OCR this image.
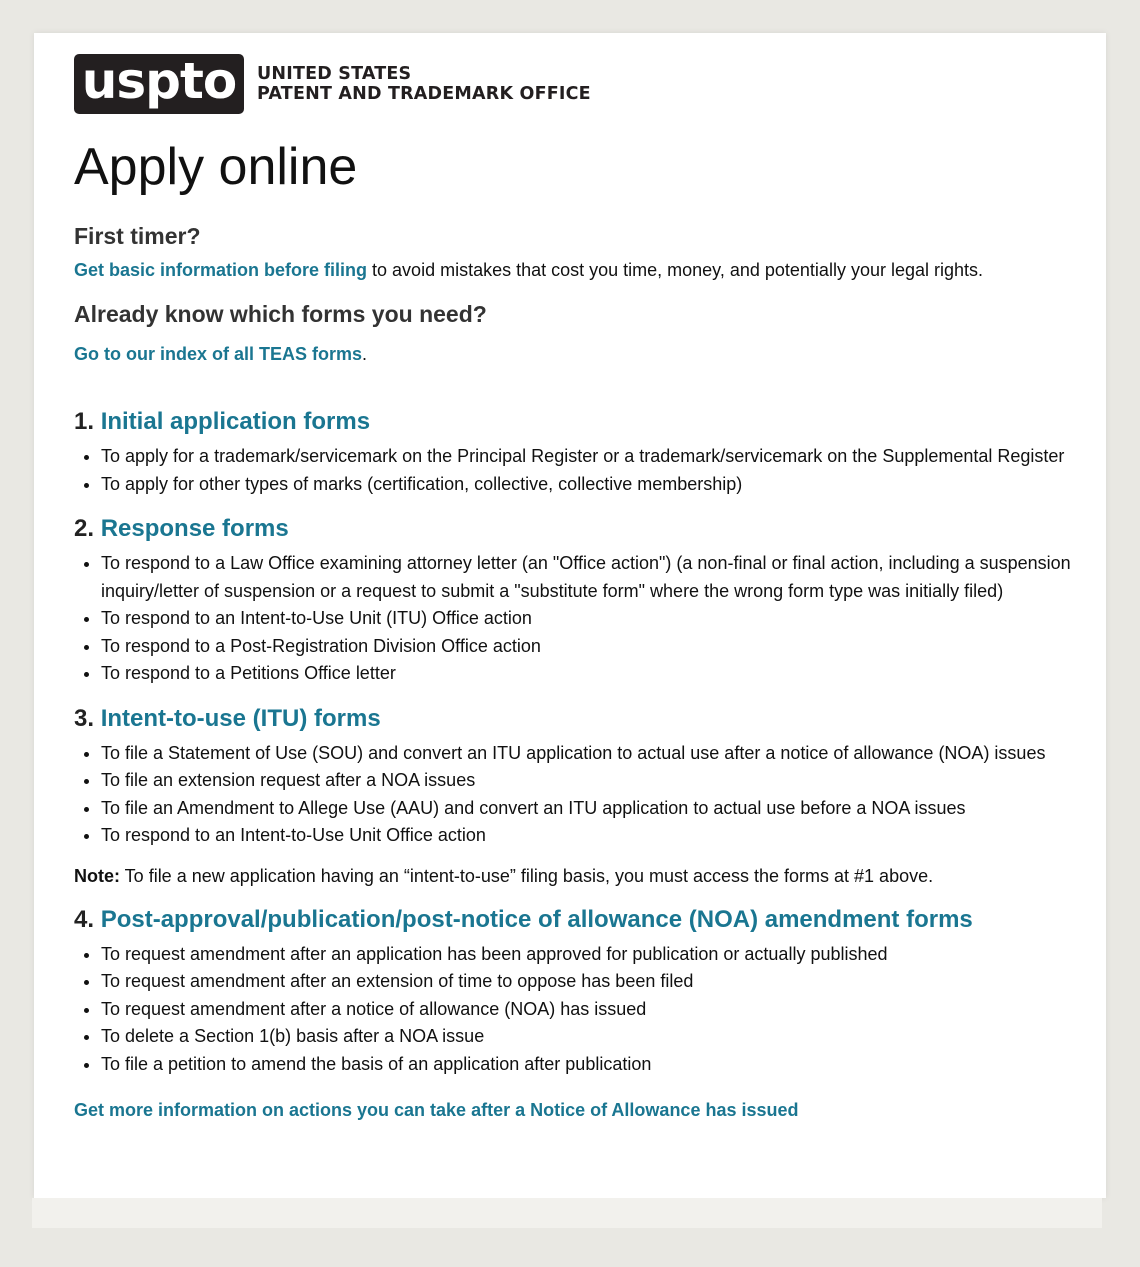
uspto	UNITED STATES
PATENT AND TRADEMARK OFFICE
Apply online
First timer?

Get basic information before filing to avoid mistakes that cost you time, money, and potentially your legal rights.

Already know which forms you need?

Go to our index of all TEAS forms.

1. Initial application forms
• To apply for a trademark/servicemark on the Principal Register or a trademark/servicemark on the Supplemental Register
• To apply for other types of marks (certification, collective, collective membership)
2. Response forms
• To respond to a Law Office examining attorney letter (an "Office action") (a non-final or final action, including a suspension inquiry/letter of suspension or a request to submit a "substitute form" where the wrong form type was initially filed)
• To respond to an Intent-to-Use Unit (ITU) Office action
• To respond to a Post-Registration Division Office action
• To respond to a Petitions Office letter
3. Intent-to-use (ITU) forms
• To file a Statement of Use (SOU) and convert an ITU application to actual use after a notice of allowance (NOA) issues
• To file an extension request after a NOA issues
• To file an Amendment to Allege Use (AAU) and convert an ITU application to actual use before a NOA issues
• To respond to an Intent-to-Use Unit Office action
Note: To file a new application having an “intent-to-use” filing basis, you must access the forms at #1 above.
4. Post-approval/publication/post-notice of allowance (NOA) amendment forms
• To request amendment after an application has been approved for publication or actually published
• To request amendment after an extension of time to oppose has been filed
• To request amendment after a notice of allowance (NOA) has issued
• To delete a Section 1(b) basis after a NOA issue
• To file a petition to amend the basis of an application after publication
Get more information on actions you can take after a Notice of Allowance has issued
